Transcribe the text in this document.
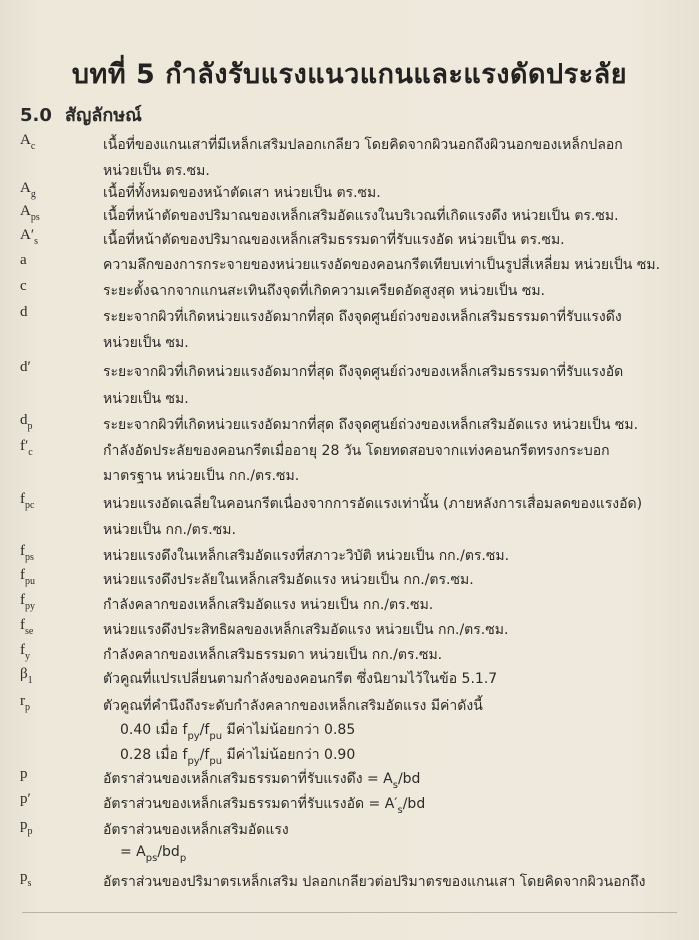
บทที่ 5 กำลังรับแรงแนวแกนและแรงดัดประลัย
5.0 สัญลักษณ์
$A_c$	เนื้อที่ของแกนเสาที่มีเหล็กเสริมปลอกเกลียว โดยคิดจากผิวนอกถึงผิวนอกของเหล็กปลอก
หน่วยเป็น ตร.ซม.
$A_g$	เนื้อที่ทั้งหมดของหน้าตัดเสา หน่วยเป็น ตร.ซม.
$A_{ps}$	เนื้อที่หน้าตัดของปริมาณของเหล็กเสริมอัดแรงในบริเวณที่เกิดแรงดึง หน่วยเป็น ตร.ซม.
$A'_s$	เนื้อที่หน้าตัดของปริมาณของเหล็กเสริมธรรมดาที่รับแรงอัด หน่วยเป็น ตร.ซม.
a	ความลึกของการกระจายของหน่วยแรงอัดของคอนกรีตเทียบเท่าเป็นรูปสี่เหลี่ยม หน่วยเป็น ซม.
c	ระยะตั้งฉากจากแกนสะเทินถึงจุดที่เกิดความเครียดอัดสูงสุด หน่วยเป็น ซม.
d	ระยะจากผิวที่เกิดหน่วยแรงอัดมากที่สุด ถึงจุดศูนย์ถ่วงของเหล็กเสริมธรรมดาที่รับแรงดึง
หน่วยเป็น ซม.
d′	ระยะจากผิวที่เกิดหน่วยแรงอัดมากที่สุด ถึงจุดศูนย์ถ่วงของเหล็กเสริมธรรมดาที่รับแรงอัด
หน่วยเป็น ซม.
$d_p$	ระยะจากผิวที่เกิดหน่วยแรงอัดมากที่สุด ถึงจุดศูนย์ถ่วงของเหล็กเสริมอัดแรง หน่วยเป็น ซม.
$f'_c$	กำลังอัดประลัยของคอนกรีตเมื่ออายุ 28 วัน โดยทดสอบจากแท่งคอนกรีตทรงกระบอก
มาตรฐาน หน่วยเป็น กก./ตร.ซม.
$f_{pc}$	หน่วยแรงอัดเฉลี่ยในคอนกรีตเนื่องจากการอัดแรงเท่านั้น (ภายหลังการเสื่อมลดของแรงอัด)
หน่วยเป็น กก./ตร.ซม.
$f_{ps}$	หน่วยแรงดึงในเหล็กเสริมอัดแรงที่สภาวะวิบัติ หน่วยเป็น กก./ตร.ซม.
$f_{pu}$	หน่วยแรงดึงประลัยในเหล็กเสริมอัดแรง หน่วยเป็น กก./ตร.ซม.
$f_{py}$	กำลังคลากของเหล็กเสริมอัดแรง หน่วยเป็น กก./ตร.ซม.
$f_{se}$	หน่วยแรงดึงประสิทธิผลของเหล็กเสริมอัดแรง หน่วยเป็น กก./ตร.ซม.
$f_y$	กำลังคลากของเหล็กเสริมธรรมดา หน่วยเป็น กก./ตร.ซม.
$\beta_1$	ตัวคูณที่แปรเปลี่ยนตามกำลังของคอนกรีต ซึ่งนิยามไว้ในข้อ 5.1.7
$r_p$	ตัวคูณที่คำนึงถึงระดับกำลังคลากของเหล็กเสริมอัดแรง มีค่าดังนี้
0.40 เมื่อ $f_{py}/f_{pu}$ มีค่าไม่น้อยกว่า 0.85
0.28 เมื่อ $f_{py}/f_{pu}$ มีค่าไม่น้อยกว่า 0.90
p	อัตราส่วนของเหล็กเสริมธรรมดาที่รับแรงดึง = $A_s/bd$
p′	อัตราส่วนของเหล็กเสริมธรรมดาที่รับแรงอัด = $A'_s/bd$
$p_p$	อัตราส่วนของเหล็กเสริมอัดแรง
= $A_{ps}/bd_p$
$p_s$	อัตราส่วนของปริมาตรเหล็กเสริม ปลอกเกลียวต่อปริมาตรของแกนเสา โดยคิดจากผิวนอกถึง
